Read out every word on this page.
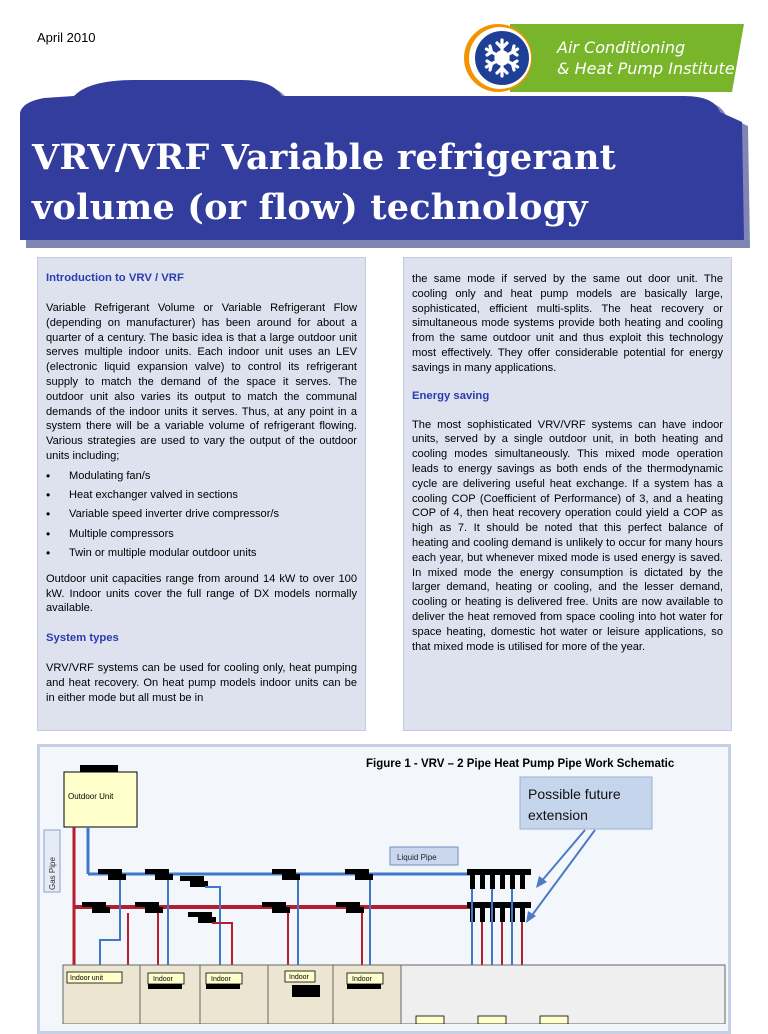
April 2010
Air Conditioning
& Heat Pump Institute
VRV/VRF Variable refrigerant
volume (or flow) technology

Introduction to VRV / VRF

Variable Refrigerant Volume or Variable Refrigerant Flow (depending on manufacturer) has been around for about a quarter of a century. The basic idea is that a large outdoor unit serves multiple indoor units. Each indoor unit uses an LEV (electronic liquid expansion valve) to control its refrigerant supply to match the demand of the space it serves. The outdoor unit also varies its output to match the communal demands of the indoor units it serves. Thus, at any point in a system there will be a variable volume of refrigerant flowing. Various strategies are used to vary the output of the outdoor units including;

• Modulating fan/s
• Heat exchanger valved in sections
• Variable speed inverter drive compressor/s
• Multiple compressors
• Twin or multiple modular outdoor units

Outdoor unit capacities range from around 14 kW to over 100 kW. Indoor units cover the full range of DX models normally available.

System types

VRV/VRF systems can be used for cooling only, heat pumping and heat recovery. On heat pump models indoor units can be in either mode but all must be in

the same mode if served by the same out door unit. The cooling only and heat pump models are basically large, sophisticated, efficient multi-splits. The heat recovery or simultaneous mode systems provide both heating and cooling from the same outdoor unit and thus exploit this technology most effectively. They offer considerable potential for energy savings in many applications.

Energy saving

The most sophisticated VRV/VRF systems can have indoor units, served by a single outdoor unit, in both heating and cooling modes simultaneously. This mixed mode operation leads to energy savings as both ends of the thermodynamic cycle are delivering useful heat exchange. If a system has a cooling COP (Coefficient of Performance) of 3, and a heating COP of 4, then heat recovery operation could yield a COP as high as 7. It should be noted that this perfect balance of heating and cooling demand is unlikely to occur for many hours each year, but whenever mixed mode is used energy is saved. In mixed mode the energy consumption is dictated by the larger demand, heating or cooling, and the lesser demand, cooling or heating is delivered free. Units are now available to deliver the heat removed from space cooling into hot water for space heating, domestic hot water or leisure applications, so that mixed mode is utilised for more of the year.

Figure 1 - VRV – 2 Pipe Heat Pump Pipe Work Schematic
Outdoor Unit
Gas Pipe	Liquid Pipe
Possible future
extension
Indoor unit	Indoor	Indoor	Indoor	Indoor
